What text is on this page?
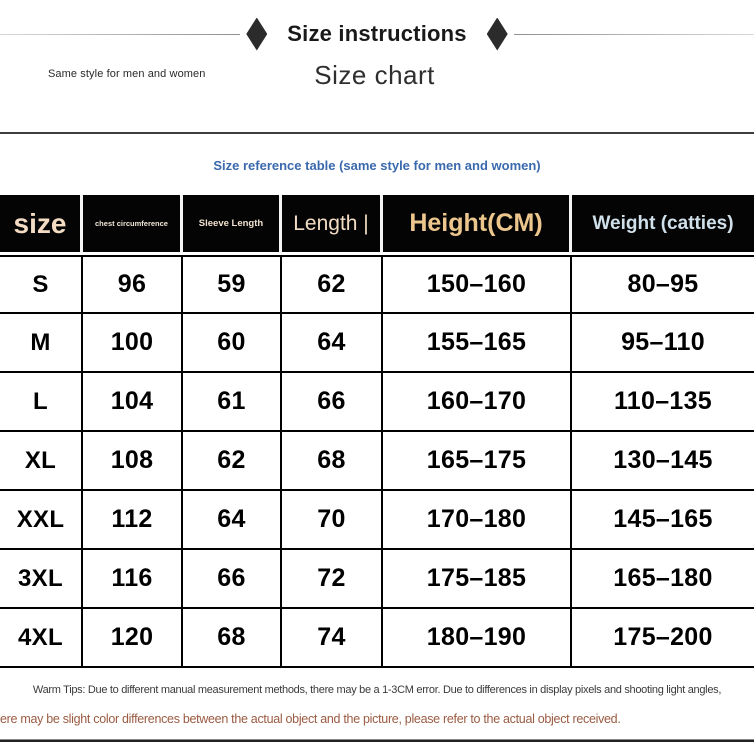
Size instructions
Same style for men and women	Size chart
Size reference table (same style for men and women)
size	chest circumference	Sleeve Length	Length |	Height(CM)	Weight (catties)
S	96	59	62	150–160	80–95
M	100	60	64	155–165	95–110
L	104	61	66	160–170	110–135
XL	108	62	68	165–175	130–145
XXL	112	64	70	170–180	145–165
3XL	116	66	72	175–185	165–180
4XL	120	68	74	180–190	175–200
Warm Tips: Due to different manual measurement methods, there may be a 1-3CM error. Due to differences in display pixels and shooting light angles,
ere may be slight color differences between the actual object and the picture, please refer to the actual object received.
